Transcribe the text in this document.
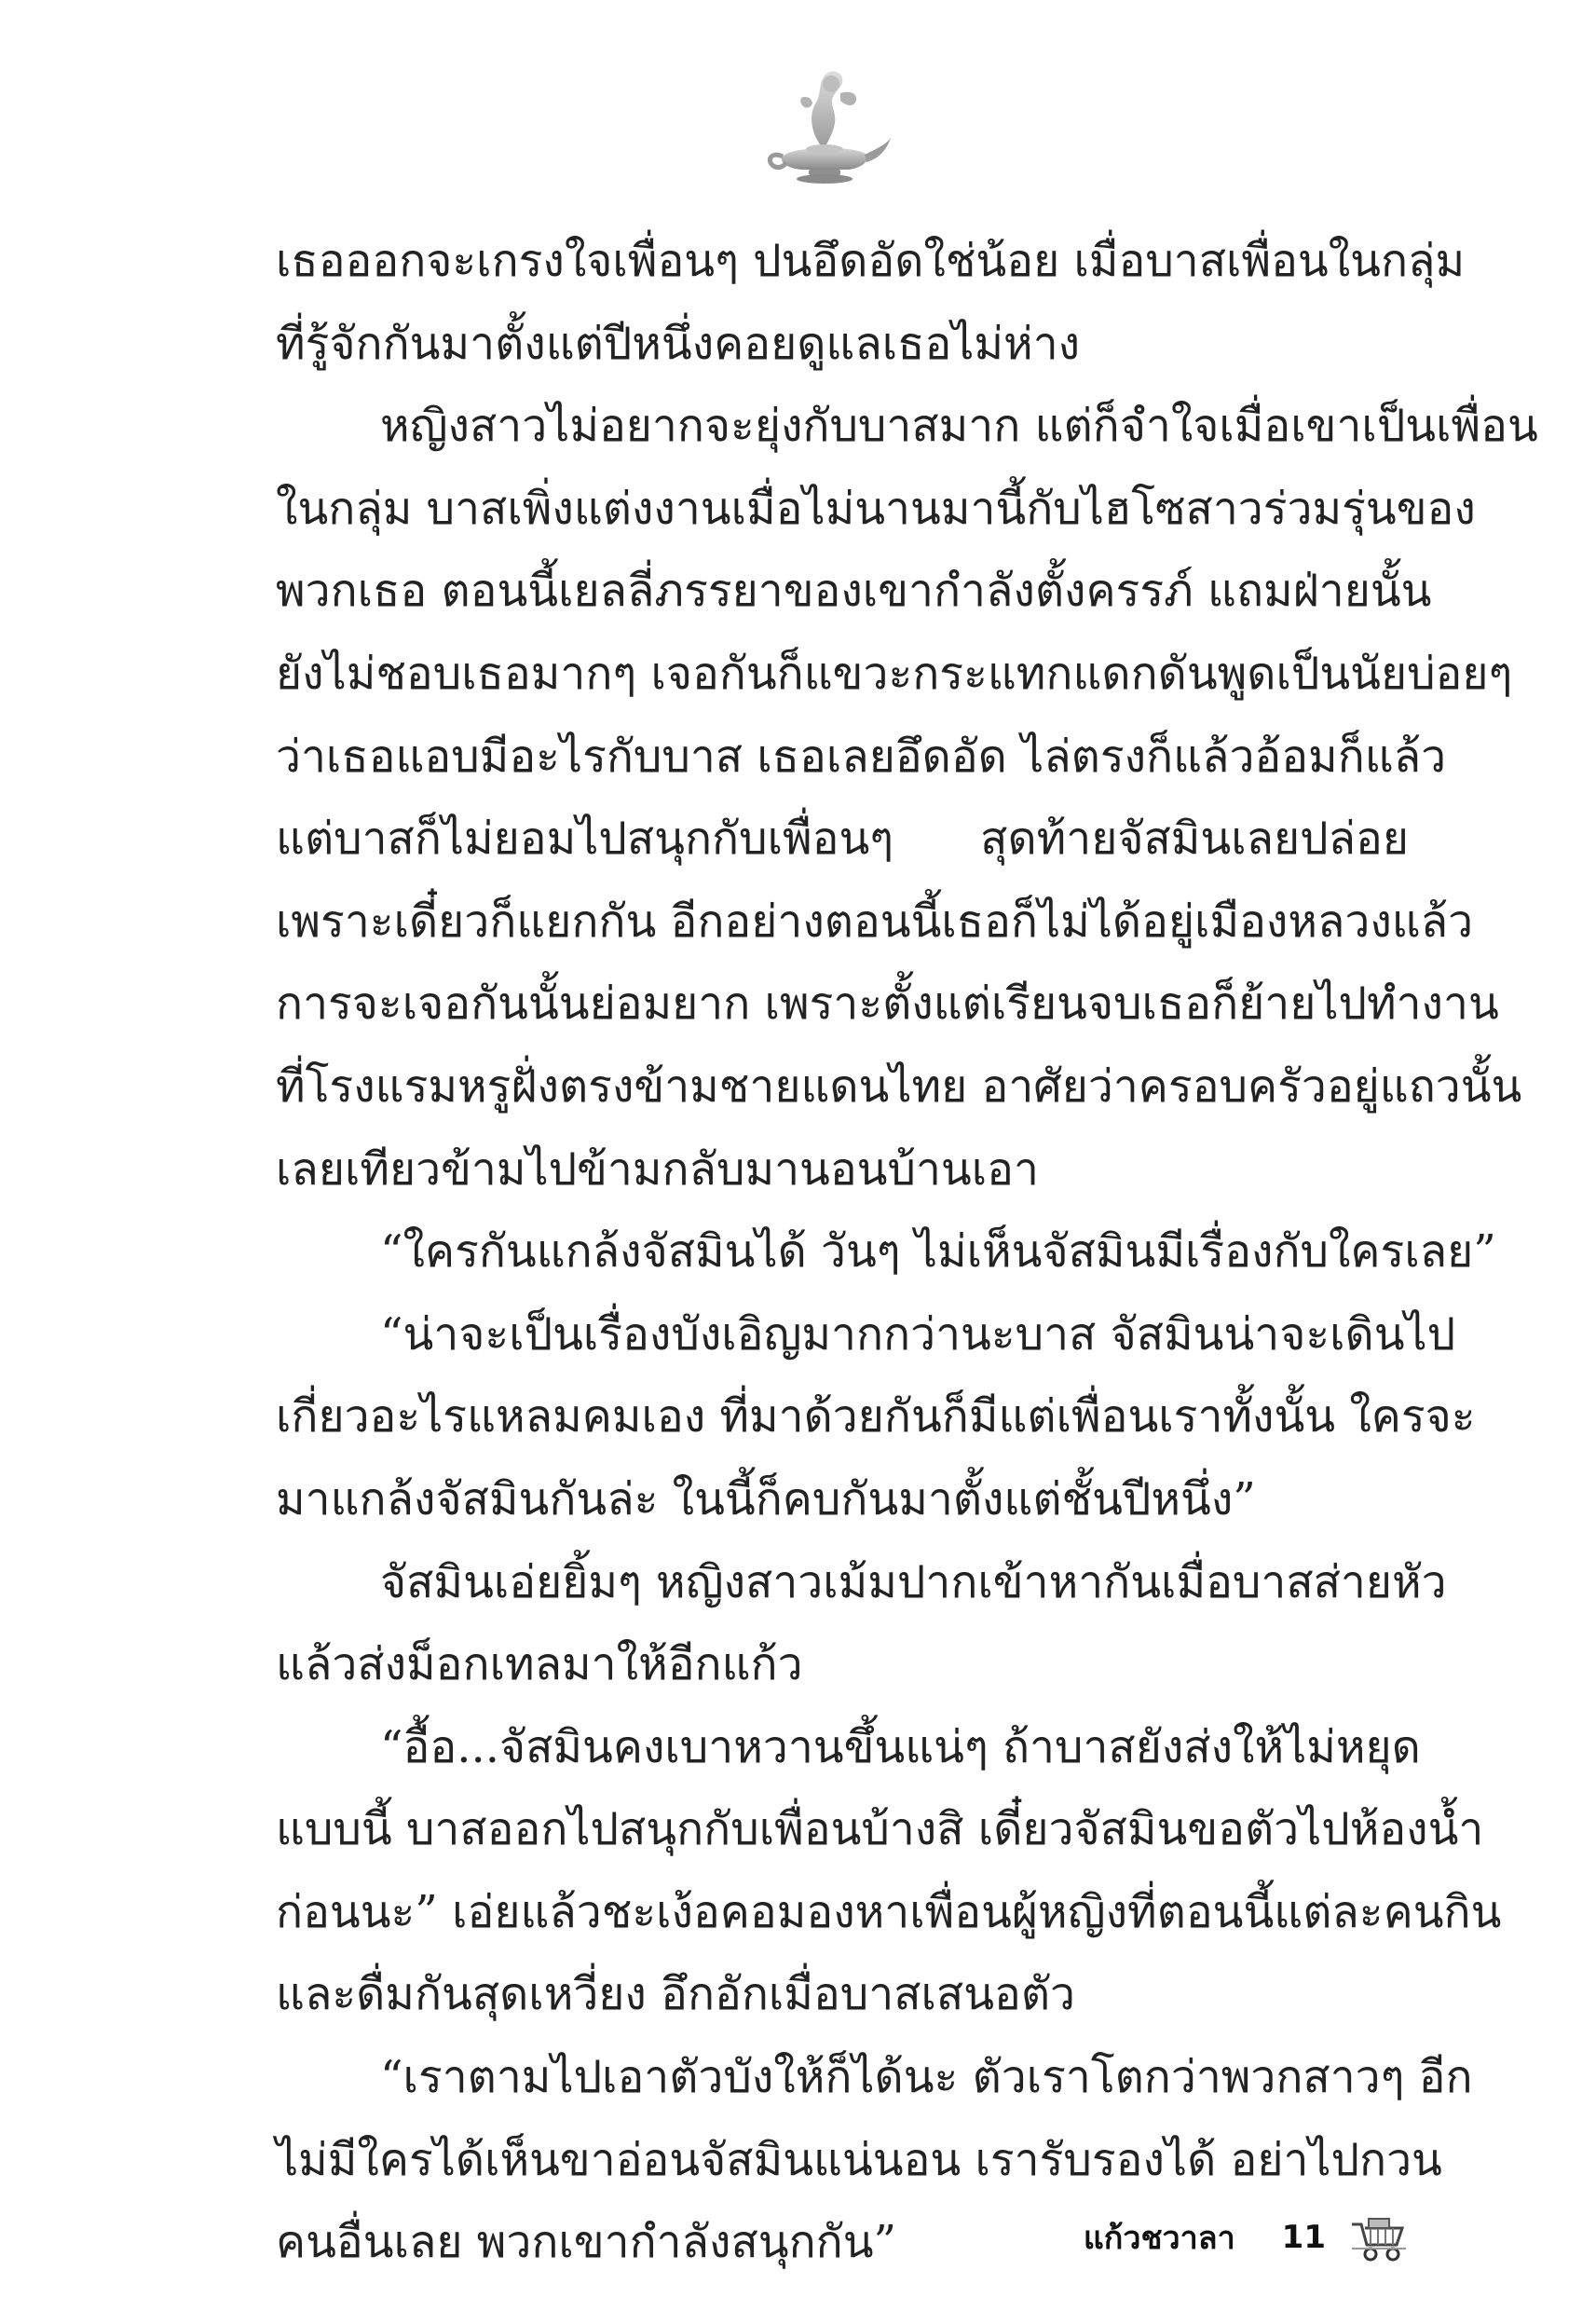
เธอออกจะเกรงใจเพื่อนๆ ปนอึดอัดใช่น้อย เมื่อบาสเพื่อนในกลุ่ม
ที่รู้จักกันมาตั้งแต่ปีหนึ่งคอยดูแลเธอไม่ห่าง
หญิงสาวไม่อยากจะยุ่งกับบาสมาก แต่ก็จำใจเมื่อเขาเป็นเพื่อน
ในกลุ่ม บาสเพิ่งแต่งงานเมื่อไม่นานมานี้กับไฮโซสาวร่วมรุ่นของ
พวกเธอ ตอนนี้เยลลี่ภรรยาของเขากำลังตั้งครรภ์ แถมฝ่ายนั้น
ยังไม่ชอบเธอมากๆ เจอกันก็แขวะกระแทกแดกดันพูดเป็นนัยบ่อยๆ
ว่าเธอแอบมีอะไรกับบาส เธอเลยอึดอัด ไล่ตรงก็แล้วอ้อมก็แล้ว
แต่บาสก็ไม่ยอมไปสนุกกับเพื่อนๆ สุดท้ายจัสมินเลยปล่อย
เพราะเดี๋ยวก็แยกกัน อีกอย่างตอนนี้เธอก็ไม่ได้อยู่เมืองหลวงแล้ว
การจะเจอกันนั้นย่อมยาก เพราะตั้งแต่เรียนจบเธอก็ย้ายไปทำงาน
ที่โรงแรมหรูฝั่งตรงข้ามชายแดนไทย อาศัยว่าครอบครัวอยู่แถวนั้น
เลยเทียวข้ามไปข้ามกลับมานอนบ้านเอา
“ใครกันแกล้งจัสมินได้ วันๆ ไม่เห็นจัสมินมีเรื่องกับใครเลย”
“น่าจะเป็นเรื่องบังเอิญมากกว่านะบาส จัสมินน่าจะเดินไป
เกี่ยวอะไรแหลมคมเอง ที่มาด้วยกันก็มีแต่เพื่อนเราทั้งนั้น ใครจะ
มาแกล้งจัสมินกันล่ะ ในนี้ก็คบกันมาตั้งแต่ชั้นปีหนึ่ง”
จัสมินเอ่ยยิ้มๆ หญิงสาวเม้มปากเข้าหากันเมื่อบาสส่ายหัว
แล้วส่งม็อกเทลมาให้อีกแก้ว
“อื้อ...จัสมินคงเบาหวานขึ้นแน่ๆ ถ้าบาสยังส่งให้ไม่หยุด
แบบนี้ บาสออกไปสนุกกับเพื่อนบ้างสิ เดี๋ยวจัสมินขอตัวไปห้องน้ำ
ก่อนนะ” เอ่ยแล้วชะเง้อคอมองหาเพื่อนผู้หญิงที่ตอนนี้แต่ละคนกิน
และดื่มกันสุดเหวี่ยง อึกอักเมื่อบาสเสนอตัว
“เราตามไปเอาตัวบังให้ก็ได้นะ ตัวเราโตกว่าพวกสาวๆ อีก
ไม่มีใครได้เห็นขาอ่อนจัสมินแน่นอน เรารับรองได้ อย่าไปกวน
คนอื่นเลย พวกเขากำลังสนุกกัน”	แก้วชวาลา 11
